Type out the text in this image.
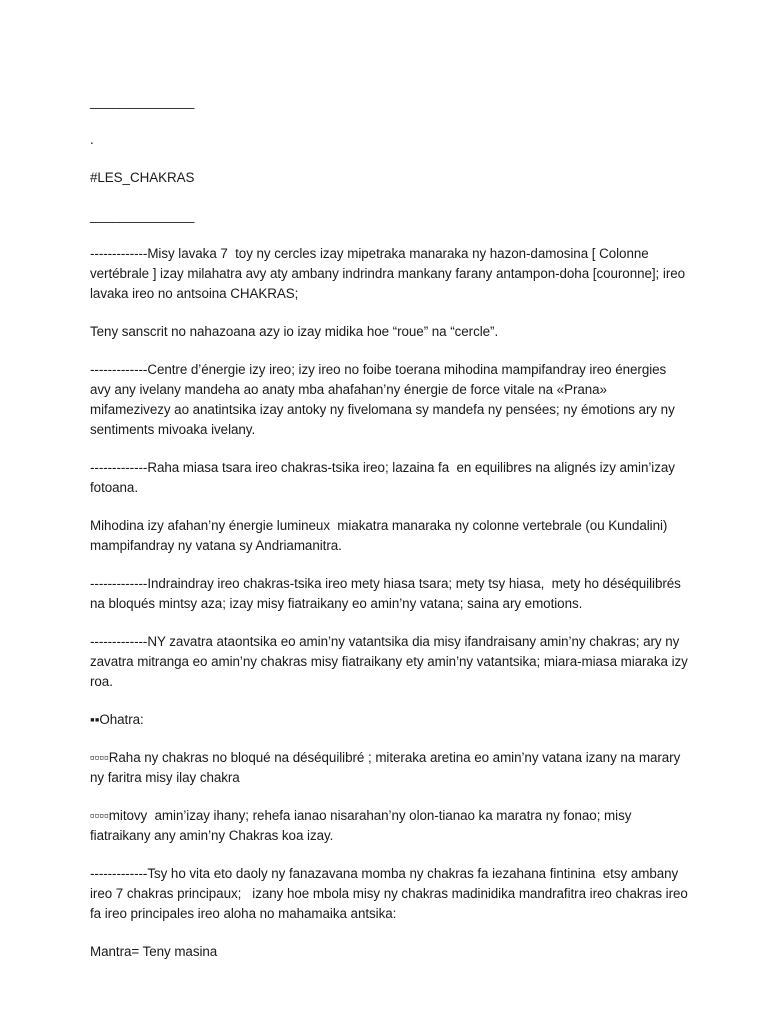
______________

.

#LES_CHAKRAS

______________

-------------Misy lavaka 7  toy ny cercles izay mipetraka manaraka ny hazon-damosina [ Colonne vertébrale ] izay milahatra avy aty ambany indrindra mankany farany antampon-doha [couronne]; ireo lavaka ireo no antsoina CHAKRAS;

Teny sanscrit no nahazoana azy io izay midika hoe “roue” na “cercle”.

-------------Centre d’énergie izy ireo; izy ireo no foibe toerana mihodina mampifandray ireo énergies avy any ivelany mandeha ao anaty mba ahafahan’ny énergie de force vitale na «Prana» mifamezivezy ao anatintsika izay antoky ny fivelomana sy mandefa ny pensées; ny émotions ary ny sentiments mivoaka ivelany.

-------------Raha miasa tsara ireo chakras-tsika ireo; lazaina fa  en equilibres na alignés izy amin’izay fotoana.

Mihodina izy afahan’ny énergie lumineux  miakatra manaraka ny colonne vertebrale (ou Kundalini) mampifandray ny vatana sy Andriamanitra.

-------------Indraindray ireo chakras-tsika ireo mety hiasa tsara; mety tsy hiasa,  mety ho déséquilibrés na bloqués mintsy aza; izay misy fiatraikany eo amin’ny vatana; saina ary emotions.

-------------NY zavatra ataontsika eo amin’ny vatantsika dia misy ifandraisany amin’ny chakras; ary ny zavatra mitranga eo amin’ny chakras misy fiatraikany ety amin’ny vatantsika; miara-miasa miaraka izy roa.

▪▪Ohatra:

▫▫▫▫Raha ny chakras no bloqué na déséquilibré ; miteraka aretina eo amin’ny vatana izany na marary ny faritra misy ilay chakra

▫▫▫▫mitovy  amin’izay ihany; rehefa ianao nisarahan’ny olon-tianao ka maratra ny fonao; misy fiatraikany any amin’ny Chakras koa izay.

-------------Tsy ho vita eto daoly ny fanazavana momba ny chakras fa iezahana fintinina  etsy ambany ireo 7 chakras principaux;   izany hoe mbola misy ny chakras madinidika mandrafitra ireo chakras ireo fa ireo principales ireo aloha no mahamaika antsika:

Mantra= Teny masina
